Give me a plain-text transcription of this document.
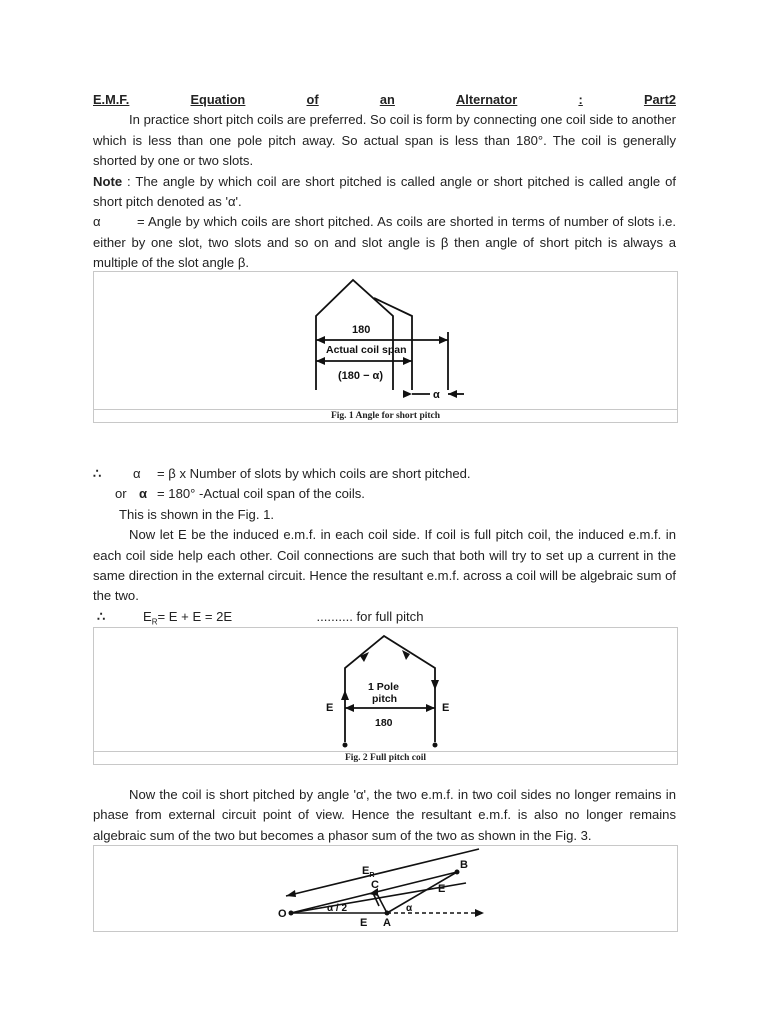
E.M.F.	Equation	of	an	Alternator	:	Part2

In practice short pitch coils are preferred. So coil is form by connecting one coil side to another which is less than one pole pitch away. So actual span is less than 180°. The coil is generally shorted by one or two slots.

Note : The angle by which coil are short pitched is called angle or short pitched is called angle of short pitch denoted as 'α'.

α	= Angle by which coils are short pitched. As coils are shorted in terms of number of slots i.e. either by one slot, two slots and so on and slot angle is β then angle of short pitch is always a multiple of the slot angle β.

180
Actual coil span
(180 − α)
α
Fig. 1 Angle for short pitch
∴ α = β x Number of slots by which coils are short pitched.
or α = 180° -Actual coil span of the coils.

This is shown in the Fig. 1.

Now let E be the induced e.m.f. in each coil side. If coil is full pitch coil, the induced e.m.f. in each coil side help each other. Coil connections are such that both will try to set up a current in the same direction in the external circuit. Hence the resultant e.m.f. across a coil will be algebraic sum of the two.

∴	$E_R= E + E = 2E$	.......... for full pitch
1 Pole
pitch
180
E	E
Fig. 2 Full pitch coil

Now the coil is short pitched by angle 'α', the two e.m.f. in two coil sides no longer remains in phase from external circuit point of view. Hence the resultant e.m.f. is also no longer remains algebraic sum of the two but becomes a phasor sum of the two as shown in the Fig. 3.

$E_R$
B
C	E
O	α / 2
E A
α
